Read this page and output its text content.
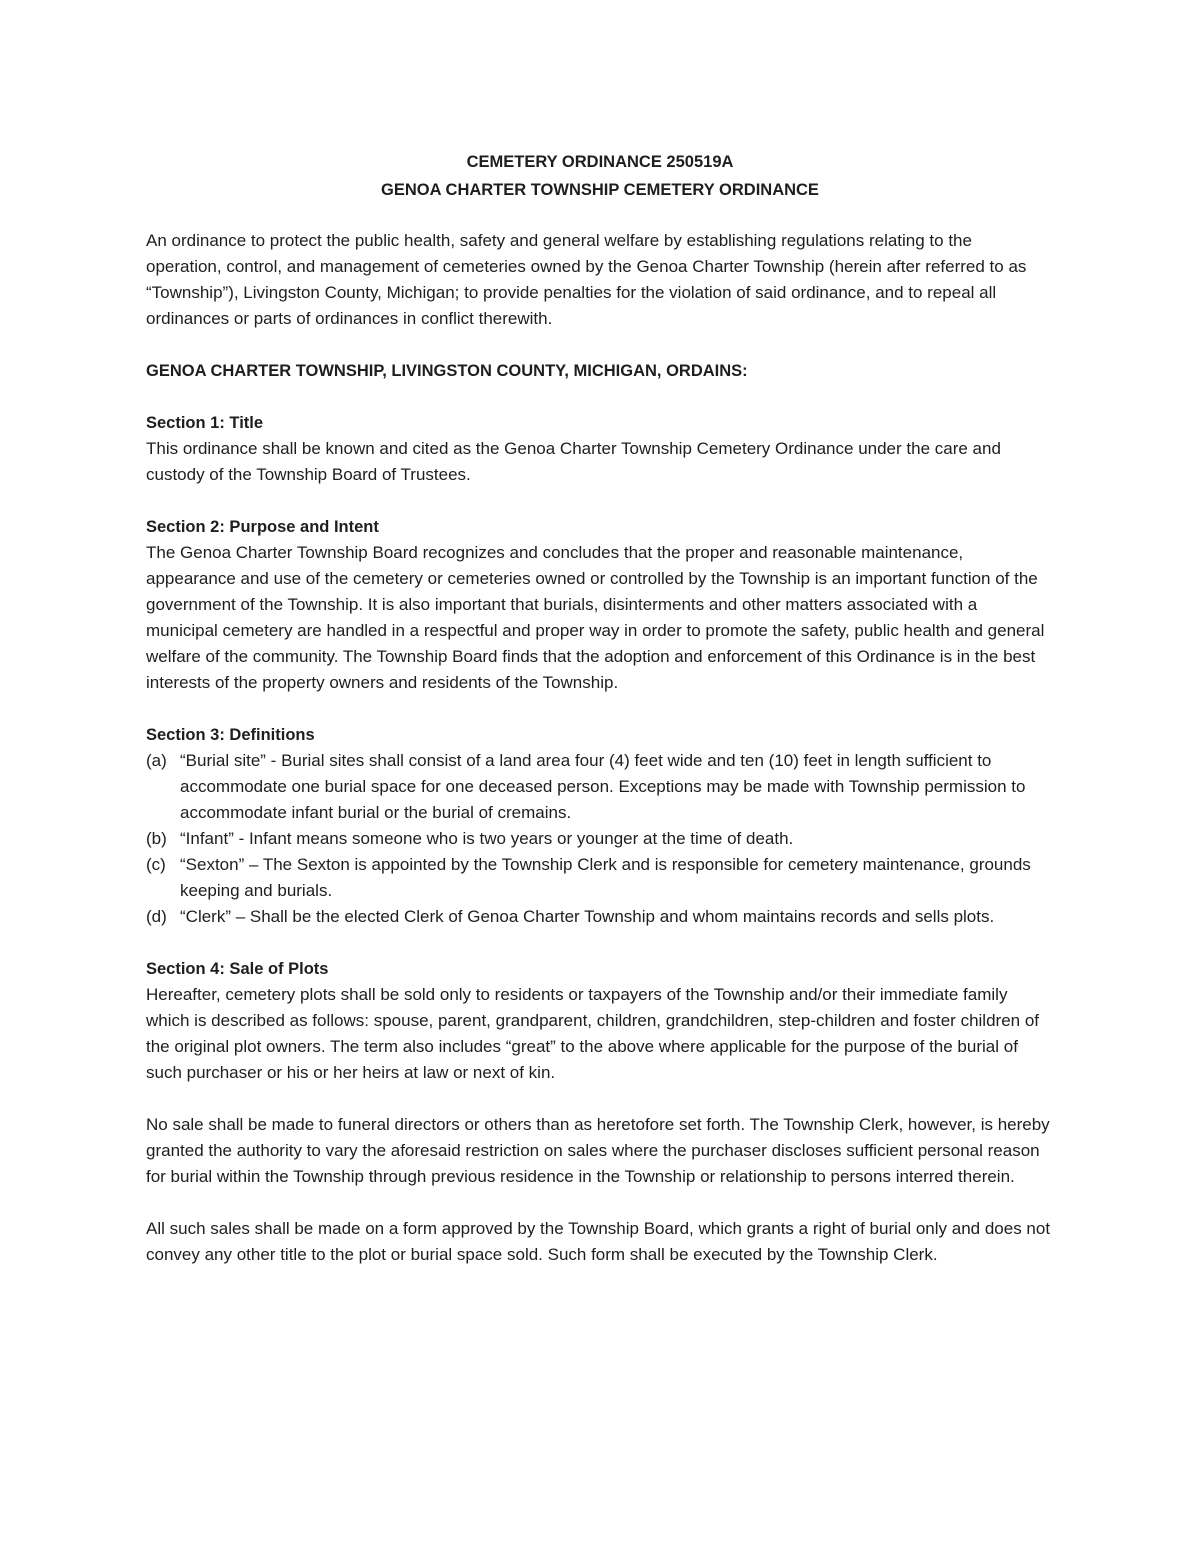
CEMETERY ORDINANCE 250519A
GENOA CHARTER TOWNSHIP CEMETERY ORDINANCE

An ordinance to protect the public health, safety and general welfare by establishing regulations relating to the operation, control, and management of cemeteries owned by the Genoa Charter Township (herein after referred to as “Township”), Livingston County, Michigan; to provide penalties for the violation of said ordinance, and to repeal all ordinances or parts of ordinances in conflict therewith.

GENOA CHARTER TOWNSHIP, LIVINGSTON COUNTY, MICHIGAN, ORDAINS:

Section 1: Title

This ordinance shall be known and cited as the Genoa Charter Township Cemetery Ordinance under the care and custody of the Township Board of Trustees.

Section 2: Purpose and Intent

The Genoa Charter Township Board recognizes and concludes that the proper and reasonable maintenance, appearance and use of the cemetery or cemeteries owned or controlled by the Township is an important function of the government of the Township. It is also important that burials, disinterments and other matters associated with a municipal cemetery are handled in a respectful and proper way in order to promote the safety, public health and general welfare of the community. The Township Board finds that the adoption and enforcement of this Ordinance is in the best interests of the property owners and residents of the Township.

Section 3: Definitions
(a) “Burial site” - Burial sites shall consist of a land area four (4) feet wide and ten (10) feet in length sufficient to accommodate one burial space for one deceased person. Exceptions may be made with Township permission to accommodate infant burial or the burial of cremains.
(b) “Infant” - Infant means someone who is two years or younger at the time of death.
(c) “Sexton” – The Sexton is appointed by the Township Clerk and is responsible for cemetery maintenance, grounds keeping and burials.
(d) “Clerk” – Shall be the elected Clerk of Genoa Charter Township and whom maintains records and sells plots.
Section 4: Sale of Plots

Hereafter, cemetery plots shall be sold only to residents or taxpayers of the Township and/or their immediate family which is described as follows: spouse, parent, grandparent, children, grandchildren, step-children and foster children of the original plot owners. The term also includes “great” to the above where applicable for the purpose of the burial of such purchaser or his or her heirs at law or next of kin.

No sale shall be made to funeral directors or others than as heretofore set forth. The Township Clerk, however, is hereby granted the authority to vary the aforesaid restriction on sales where the purchaser discloses sufficient personal reason for burial within the Township through previous residence in the Township or relationship to persons interred therein.

All such sales shall be made on a form approved by the Township Board, which grants a right of burial only and does not convey any other title to the plot or burial space sold. Such form shall be executed by the Township Clerk.
